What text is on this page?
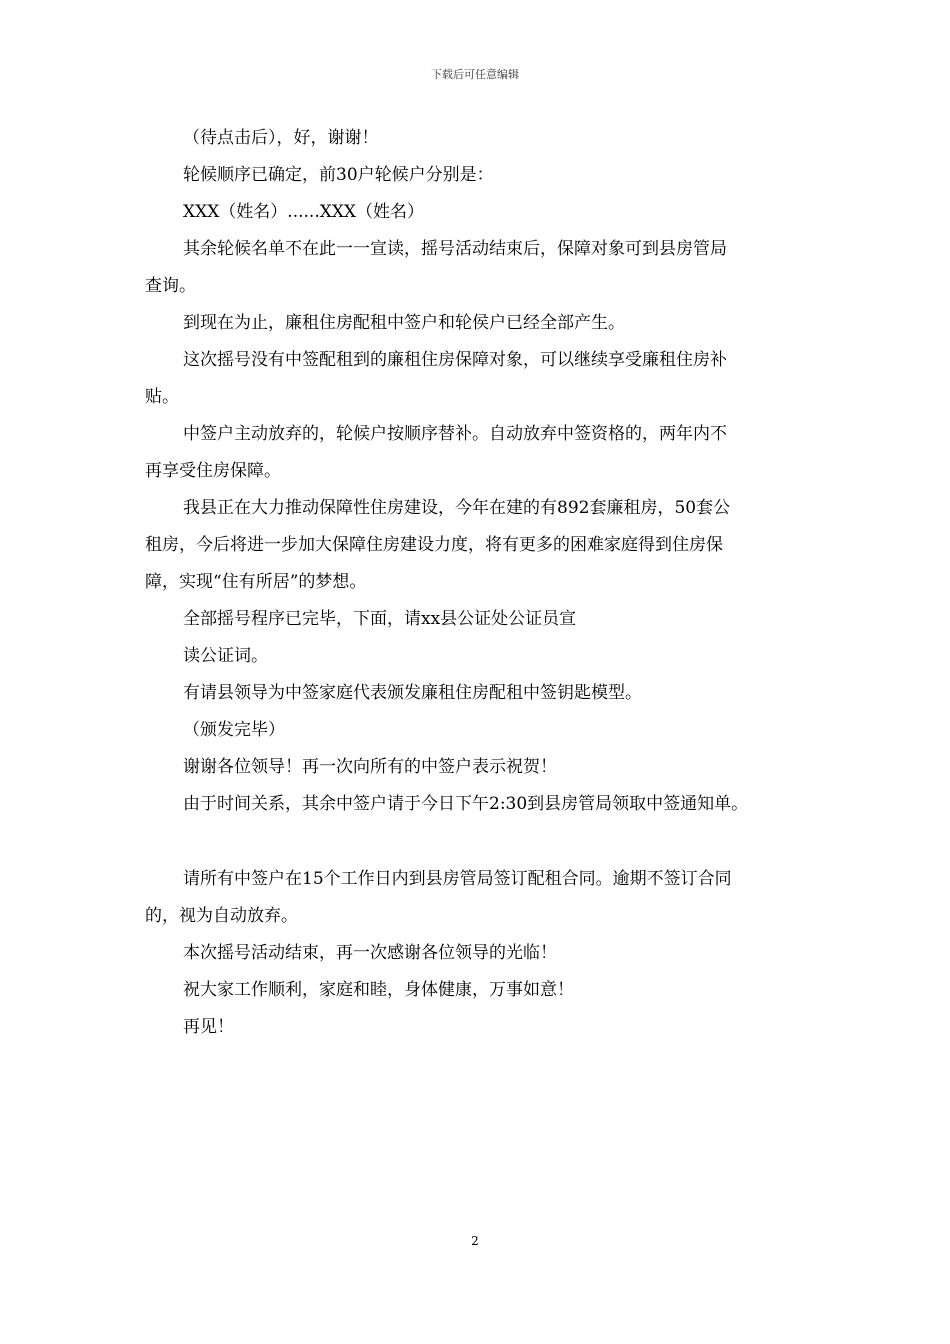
下载后可任意编辑

（待点击后），好，谢谢！

轮候顺序已确定，前30户轮候户分别是：

XXX（姓名）......XXX（姓名）

其余轮候名单不在此一一宣读，摇号活动结束后，保障对象可到县房管局

查询。

到现在为止，廉租住房配租中签户和轮侯户已经全部产生。

这次摇号没有中签配租到的廉租住房保障对象，可以继续享受廉租住房补

贴。

中签户主动放弃的，轮候户按顺序替补。自动放弃中签资格的，两年内不

再享受住房保障。

我县正在大力推动保障性住房建设，今年在建的有892套廉租房，50套公

租房，今后将进一步加大保障住房建设力度，将有更多的困难家庭得到住房保

障，实现“住有所居”的梦想。

全部摇号程序已完毕，下面，请xx县公证处公证员宣

读公证词。

有请县领导为中签家庭代表颁发廉租住房配租中签钥匙模型。

（颁发完毕）

谢谢各位领导！再一次向所有的中签户表示祝贺！

由于时间关系，其余中签户请于今日下午2:30到县房管局领取中签通知单。

请所有中签户在15个工作日内到县房管局签订配租合同。逾期不签订合同

的，视为自动放弃。

本次摇号活动结束，再一次感谢各位领导的光临！

祝大家工作顺利，家庭和睦，身体健康，万事如意！

再见！

2
